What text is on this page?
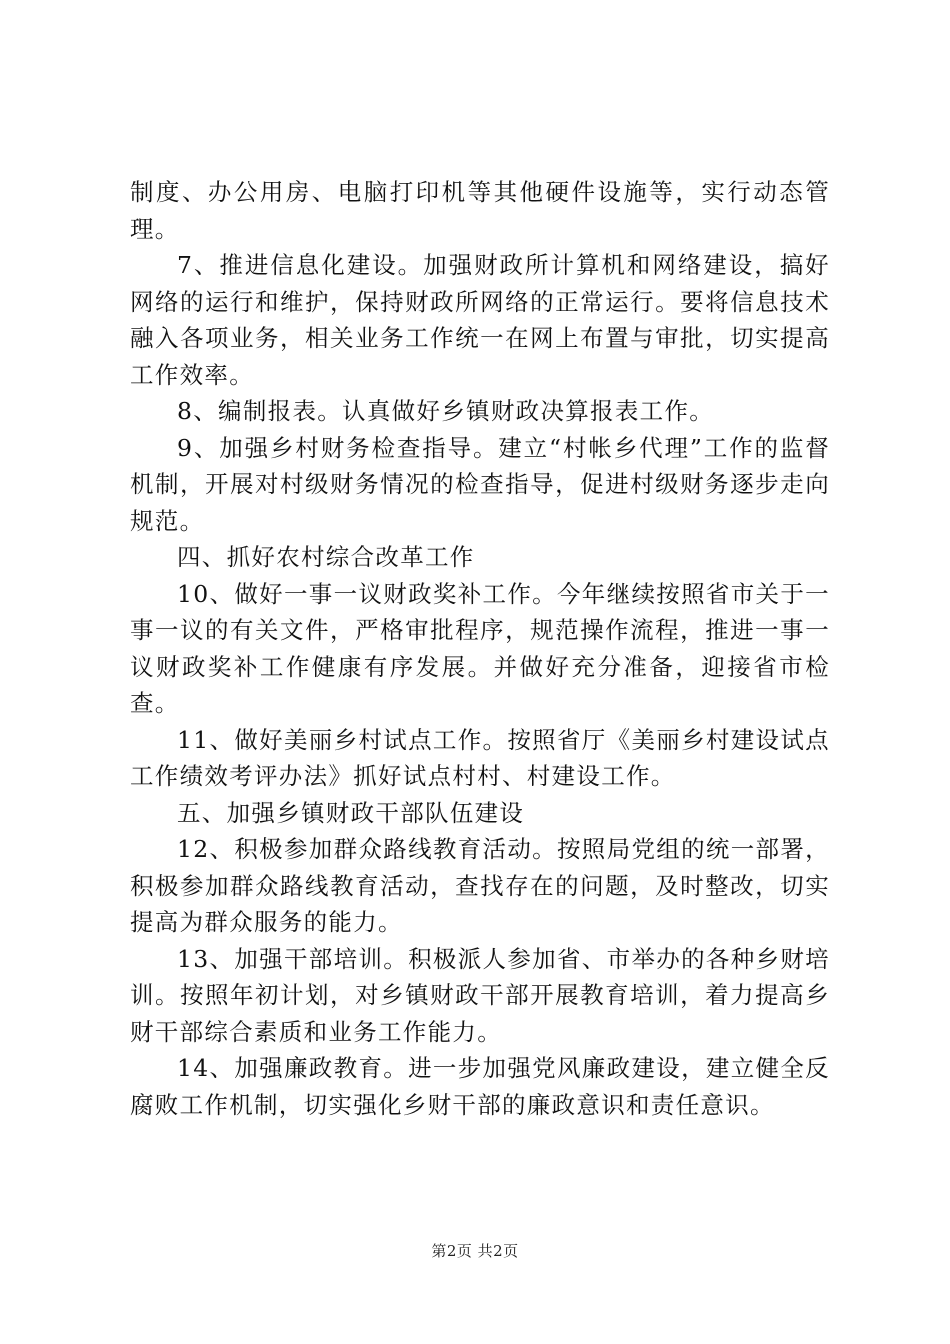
制度、办公用房、电脑打印机等其他硬件设施等，实行动态管理。

7、推进信息化建设。加强财政所计算机和网络建设，搞好网络的运行和维护，保持财政所网络的正常运行。要将信息技术融入各项业务，相关业务工作统一在网上布置与审批，切实提高工作效率。

8、编制报表。认真做好乡镇财政决算报表工作。

9、加强乡村财务检查指导。建立“村帐乡代理”工作的监督机制，开展对村级财务情况的检查指导，促进村级财务逐步走向规范。

四、抓好农村综合改革工作

10、做好一事一议财政奖补工作。今年继续按照省市关于一事一议的有关文件，严格审批程序，规范操作流程，推进一事一议财政奖补工作健康有序发展。并做好充分准备，迎接省市检查。

11、做好美丽乡村试点工作。按照省厅《美丽乡村建设试点工作绩效考评办法》抓好试点村村、村建设工作。

五、加强乡镇财政干部队伍建设

12、积极参加群众路线教育活动。按照局党组的统一部署，积极参加群众路线教育活动，查找存在的问题，及时整改，切实提高为群众服务的能力。

13、加强干部培训。积极派人参加省、市举办的各种乡财培训。按照年初计划，对乡镇财政干部开展教育培训，着力提高乡财干部综合素质和业务工作能力。

14、加强廉政教育。进一步加强党风廉政建设，建立健全反腐败工作机制，切实强化乡财干部的廉政意识和责任意识。

第2页 共2页
